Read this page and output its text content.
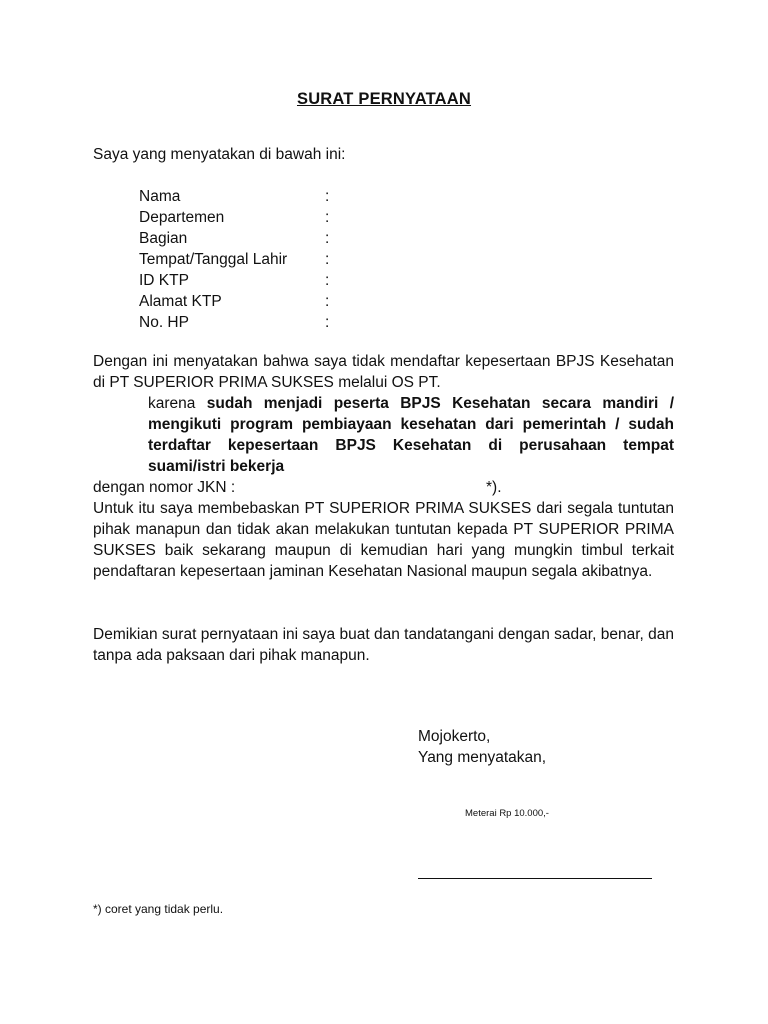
SURAT PERNYATAAN
Saya yang menyatakan di bawah ini:
Nama	:
Departemen	:
Bagian	:
Tempat/Tanggal Lahir :
ID KTP	:
Alamat KTP	:
No. HP	:
Dengan ini menyatakan bahwa saya tidak mendaftar kepesertaan BPJS Kesehatan di PT SUPERIOR PRIMA SUKSES melalui OS PT.
karena sudah menjadi peserta BPJS Kesehatan secara mandiri / mengikuti program pembiayaan kesehatan dari pemerintah / sudah terdaftar kepesertaan BPJS Kesehatan di perusahaan tempat suami/istri bekerja
dengan nomor JKN :	*).
Untuk itu saya membebaskan PT SUPERIOR PRIMA SUKSES dari segala tuntutan pihak manapun dan tidak akan melakukan tuntutan kepada PT SUPERIOR PRIMA SUKSES baik sekarang maupun di kemudian hari yang mungkin timbul terkait pendaftaran kepesertaan jaminan Kesehatan Nasional maupun segala akibatnya.
Demikian surat pernyataan ini saya buat dan tandatangani dengan sadar, benar, dan tanpa ada paksaan dari pihak manapun.
Mojokerto,
Yang menyatakan,
Meterai Rp 10.000,-
*) coret yang tidak perlu.
